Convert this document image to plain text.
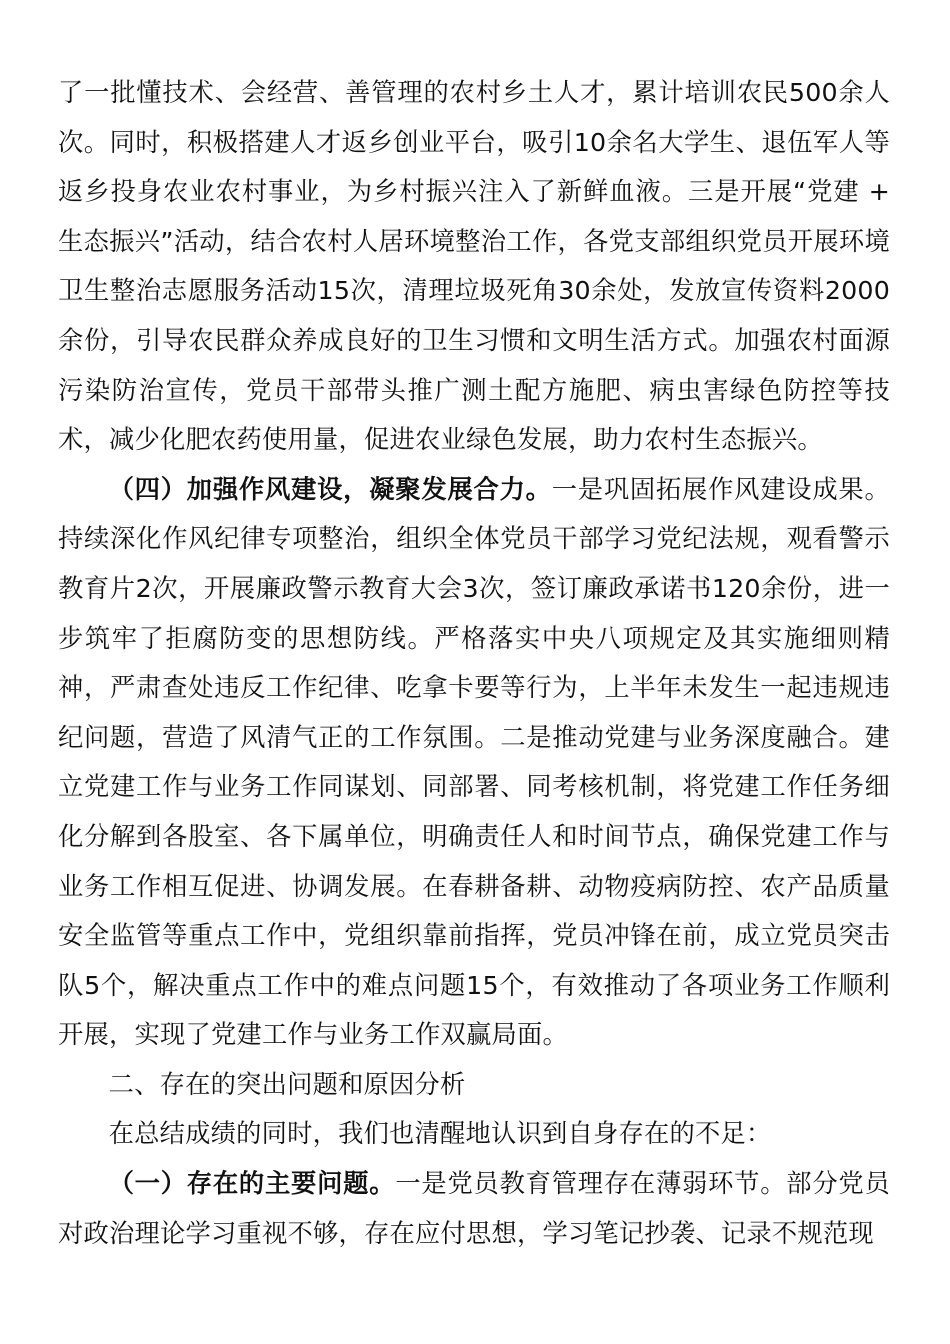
了一批懂技术、会经营、善管理的农村乡土人才，累计培训农民500余人次。同时，积极搭建人才返乡创业平台，吸引10余名大学生、退伍军人等返乡投身农业农村事业，为乡村振兴注入了新鲜血液。三是开展“党建 + 生态振兴”活动，结合农村人居环境整治工作，各党支部组织党员开展环境卫生整治志愿服务活动15次，清理垃圾死角30余处，发放宣传资料2000余份，引导农民群众养成良好的卫生习惯和文明生活方式。加强农村面源污染防治宣传，党员干部带头推广测土配方施肥、病虫害绿色防控等技术，减少化肥农药使用量，促进农业绿色发展，助力农村生态振兴。

（四）加强作风建设，凝聚发展合力。一是巩固拓展作风建设成果。持续深化作风纪律专项整治，组织全体党员干部学习党纪法规，观看警示教育片2次，开展廉政警示教育大会3次，签订廉政承诺书120余份，进一步筑牢了拒腐防变的思想防线。严格落实中央八项规定及其实施细则精神，严肃查处违反工作纪律、吃拿卡要等行为，上半年未发生一起违规违纪问题，营造了风清气正的工作氛围。二是推动党建与业务深度融合。建立党建工作与业务工作同谋划、同部署、同考核机制，将党建工作任务细化分解到各股室、各下属单位，明确责任人和时间节点，确保党建工作与业务工作相互促进、协调发展。在春耕备耕、动物疫病防控、农产品质量安全监管等重点工作中，党组织靠前指挥，党员冲锋在前，成立党员突击队5个，解决重点工作中的难点问题15个，有效推动了各项业务工作顺利开展，实现了党建工作与业务工作双赢局面。

二、存在的突出问题和原因分析

在总结成绩的同时，我们也清醒地认识到自身存在的不足：

（一）存在的主要问题。一是党员教育管理存在薄弱环节。部分党员对政治理论学习重视不够，存在应付思想，学习笔记抄袭、记录不规范现
